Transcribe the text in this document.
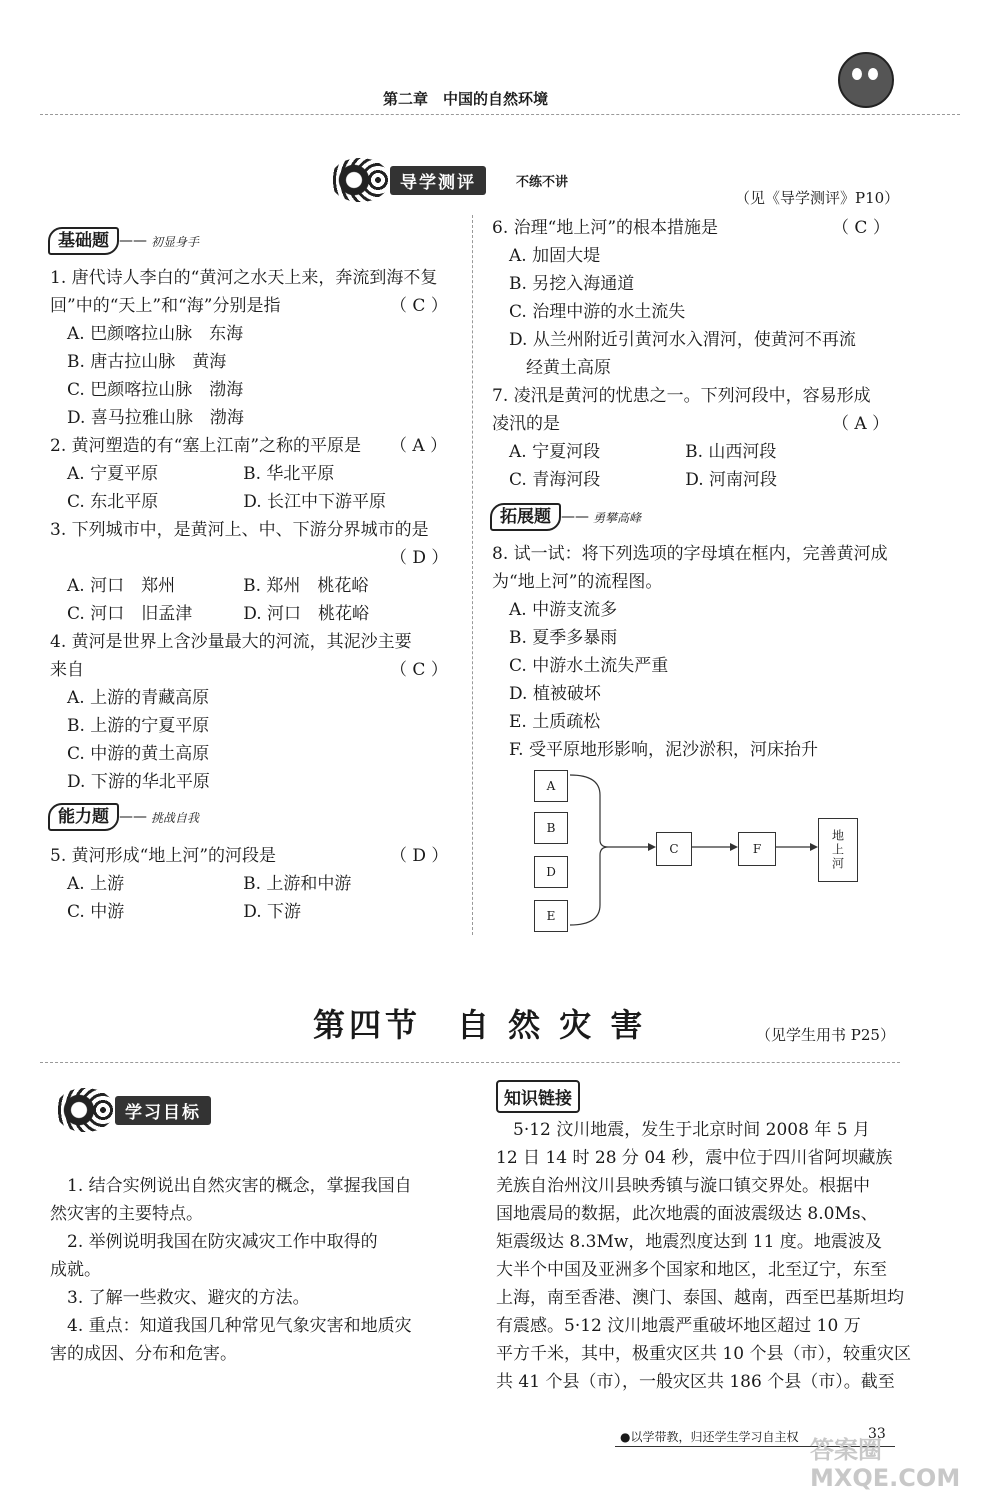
第二章　中国的自然环境
导学测评	不练不讲
（见《导学测评》P10）
基础题 —— 初显身手
1. 唐代诗人李白的“黄河之水天上来，奔流到海不复
回”中的“天上”和“海”分别是指	（ C ）
　A. 巴颜喀拉山脉　东海
　B. 唐古拉山脉　黄海
　C. 巴颜喀拉山脉　渤海
　D. 喜马拉雅山脉　渤海
2. 黄河塑造的有“塞上江南”之称的平原是 （ A ）
　A. 宁夏平原　　　　　B. 华北平原
　C. 东北平原　　　　　D. 长江中下游平原
3. 下列城市中，是黄河上、中、下游分界城市的是
（ D ）
　A. 河口　郑州　　　　B. 郑州　桃花峪
　C. 河口　旧孟津　　　D. 河口　桃花峪
4. 黄河是世界上含沙量最大的河流，其泥沙主要
来自	（ C ）
　A. 上游的青藏高原
　B. 上游的宁夏平原
　C. 中游的黄土高原
　D. 下游的华北平原
能力题 —— 挑战自我
5. 黄河形成“地上河”的河段是	（ D ）
　A. 上游　　　　　　　B. 上游和中游
　C. 中游　　　　　　　D. 下游
6. 治理“地上河”的根本措施是	（ C ）
　A. 加固大堤
　B. 另挖入海通道
　C. 治理中游的水土流失
　D. 从兰州附近引黄河水入渭河，使黄河不再流
　　经黄土高原
7. 凌汛是黄河的忧患之一。下列河段中，容易形成
凌汛的是	（ A ）
　A. 宁夏河段　　　　　B. 山西河段
　C. 青海河段　　　　　D. 河南河段
拓展题 —— 勇攀高峰
8. 试一试：将下列选项的字母填在框内，完善黄河成
为“地上河”的流程图。
　A. 中游支流多
　B. 夏季多暴雨
　C. 中游水土流失严重
　D. 植被破坏
　E. 土质疏松
　F. 受平原地形影响，泥沙淤积，河床抬升
A
B
D
E
C	F	地上河
第四节　自 然 灾 害	（见学生用书 P25）
学习目标
　1. 结合实例说出自然灾害的概念，掌握我国自
然灾害的主要特点。
　2. 举例说明我国在防灾减灾工作中取得的
成就。
　3. 了解一些救灾、避灾的方法。
　4. 重点：知道我国几种常见气象灾害和地质灾
害的成因、分布和危害。
知识链接
　5·12 汶川地震，发生于北京时间 2008 年 5 月
12 日 14 时 28 分 04 秒，震中位于四川省阿坝藏族
羌族自治州汶川县映秀镇与漩口镇交界处。根据中
国地震局的数据，此次地震的面波震级达 8.0Ms、
矩震级达 8.3Mw，地震烈度达到 11 度。地震波及
大半个中国及亚洲多个国家和地区，北至辽宁，东至
上海，南至香港、澳门、泰国、越南，西至巴基斯坦均
有震感。5·12 汶川地震严重破坏地区超过 10 万
平方千米，其中，极重灾区共 10 个县（市），较重灾区
共 41 个县（市），一般灾区共 186 个县（市）。截至
●以学带教，归还学生学习自主权	33
答案圈 MXQE.COM
